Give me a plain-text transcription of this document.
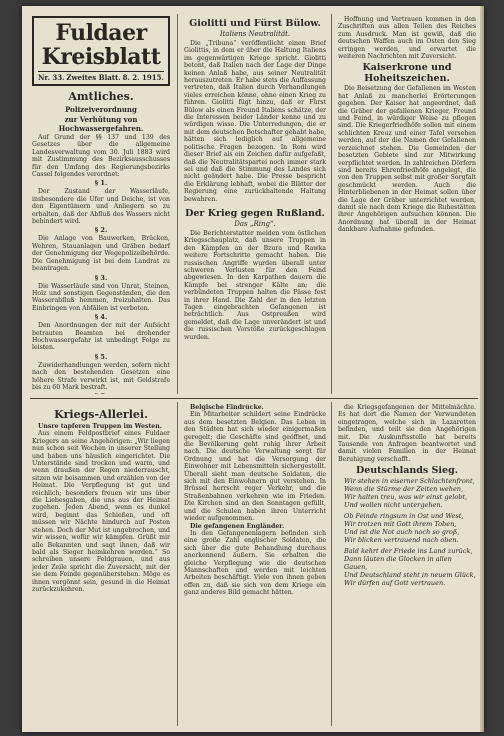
Fuldaer Kreisblatt
Nr. 33. Zweites Blatt. 8. 2. 1915.
Amtliches.
Polizeiverordnung
zur Verhütung von Hochwassergefahren.

Auf Grund der §§ 137 und 139 des Gesetzes über die allgemeine Landesverwaltung vom 30. Juli 1883 wird mit Zustimmung des Bezirksausschusses für den Umfang des Regierungsbezirks Cassel folgendes verordnet:

§ 1.

Der Zustand der Wasserläufe, insbesondere die Ufer und Deiche, ist von den Eigentümern und Anliegern so zu erhalten, daß der Abfluß des Wassers nicht behindert wird.

§ 2.

Die Anlage von Bauwerken, Brücken, Wehren, Stauanlagen und Gräben bedarf der Genehmigung der Wegepolizeibehörde. Die Genehmigung ist bei dem Landrat zu beantragen.

§ 3.

Die Wasserläufe sind von Unrat, Steinen, Holz und sonstigen Gegenständen, die den Wasserabfluß hemmen, freizuhalten. Das Einbringen von Abfällen ist verboten.

§ 4.

Den Anordnungen der mit der Aufsicht betrauten Beamten bei drohender Hochwassergefahr ist unbedingt Folge zu leisten.

§ 5.

Zuwiderhandlungen werden, sofern nicht nach den bestehenden Gesetzen eine höhere Strafe verwirkt ist, mit Geldstrafe bis zu 60 Mark bestraft.

Giolitti und Fürst Bülow.
Italiens Neutralität.

Die „Tribuna“ veröffentlicht einen Brief Giolittis, in dem er über die Haltung Italiens im gegenwärtigen Kriege spricht. Giolitti betont, daß Italien nach der Lage der Dinge keinen Anlaß habe, aus seiner Neutralität herauszutreten. Er habe stets die Auffassung vertreten, daß Italien durch Verhandlungen vieles erreichen könne, ohne einen Krieg zu führen. Giolitti fügt hinzu, daß er Fürst Bülow als einen Freund Italiens schätze, der die Interessen beider Länder kenne und zu würdigen wisse. Die Unterredungen, die er mit dem deutschen Botschafter gehabt habe, hätten sich lediglich auf allgemeine politische Fragen bezogen. In Rom wird dieser Brief als ein Zeichen dafür aufgefaßt, daß die Neutralitätspartei noch immer stark sei und daß die Stimmung des Landes sich nicht geändert habe. Die Presse bespricht die Erklärung lebhaft, wobei die Blätter der Regierung eine zurückhaltende Haltung bewahren.

Der Krieg gegen Rußland.
Das „Ring“.

Die Berichterstatter melden vom östlichen Kriegsschauplatz, daß unsere Truppen in den Kämpfen an der Bzura und Rawka weitere Fortschritte gemacht haben. Die russischen Angriffe wurden überall unter schweren Verlusten für den Feind abgewiesen. In den Karpathen dauern die Kämpfe bei strenger Kälte an; die verbündeten Truppen halten die Pässe fest in ihrer Hand. Die Zahl der in den letzten Tagen eingebrachten Gefangenen ist beträchtlich. Aus Ostpreußen wird gemeldet, daß die Lage unverändert ist und die russischen Vorstöße zurückgeschlagen wurden.

Hoffnung und Vertrauen kommen in den Zuschriften aus allen Teilen des Reiches zum Ausdruck. Man ist gewiß, daß die deutschen Waffen auch im Osten den Sieg erringen werden, und erwartet die weiteren Nachrichten mit Zuversicht.

Kaiserkrone und Hoheitszeichen.

Die Beisetzung der Gefallenen im Westen hat Anlaß zu mancherlei Erörterungen gegeben. Der Kaiser hat angeordnet, daß die Gräber der gefallenen Krieger, Freund und Feind, in würdiger Weise zu pflegen sind. Die Kriegerfriedhöfe sollen mit einem schlichten Kreuz und einer Tafel versehen werden, auf der die Namen der Gefallenen verzeichnet stehen. Die Gemeinden der besetzten Gebiete sind zur Mitwirkung verpflichtet worden. In zahlreichen Dörfern sind bereits Ehrenfriedhöfe angelegt, die von den Truppen selbst mit großer Sorgfalt geschmückt werden. Auch die Hinterbliebenen in der Heimat sollen über die Lage der Gräber unterrichtet werden, damit sie nach dem Kriege die Ruhestätten ihrer Angehörigen aufsuchen können. Die Anordnung hat überall in der Heimat dankbare Aufnahme gefunden.

Kriegs-Allerlei.

Unsre tapferen Truppen im Westen.

Aus einem Feldpostbrief eines Fuldaer Kriegers an seine Angehörigen: „Wir liegen nun schon seit Wochen in unserer Stellung und haben uns häuslich eingerichtet. Die Unterstände sind trocken und warm, und wenn draußen der Regen niederrauscht, sitzen wir beisammen und erzählen von der Heimat. Die Verpflegung ist gut und reichlich; besonders freuen wir uns über die Liebesgaben, die uns aus der Heimat zugehen. Jeden Abend, wenn es dunkel wird, beginnt das Schießen, und oft müssen wir Nächte hindurch auf Posten stehen. Doch der Mut ist ungebrochen, und wir wissen, wofür wir kämpfen. Grüßt mir alle Bekannten und sagt ihnen, daß wir bald als Sieger heimkehren werden.“ So schreiben unsere Feldgrauen, und aus jeder Zeile spricht die Zuversicht, mit der sie dem Feinde gegenüberstehen. Möge es ihnen vergönnt sein, gesund in die Heimat zurückzukehren.

Belgische Eindrücke.

Ein Mitarbeiter schildert seine Eindrücke aus dem besetzten Belgien. Das Leben in den Städten hat sich wieder einigermaßen geregelt; die Geschäfte sind geöffnet, und die Bevölkerung geht ruhig ihrer Arbeit nach. Die deutsche Verwaltung sorgt für Ordnung und hat die Versorgung der Einwohner mit Lebensmitteln sichergestellt. Überall sieht man deutsche Soldaten, die sich mit den Einwohnern gut verstehen. In Brüssel herrscht reger Verkehr, und die Straßenbahnen verkehren wie im Frieden. Die Kirchen sind an den Sonntagen gefüllt, und die Schulen haben ihren Unterricht wieder aufgenommen.

Die gefangenen Engländer.

In den Gefangenenlagern befinden sich eine große Zahl englischer Soldaten, die sich über die gute Behandlung durchaus anerkennend äußern. Sie erhalten die gleiche Verpflegung wie die deutschen Mannschaften und werden mit leichten Arbeiten beschäftigt. Viele von ihnen geben offen zu, daß sie sich von dem Kriege ein ganz anderes Bild gemacht hätten.

die Kriegsgefangenen der Mittelmächte. Es hat dort die Namen der Verwundeten eingetragen, welche sich in Lazaretten befinden, und teilt sie den Angehörigen mit. Die Auskunftsstelle hat bereits Tausende von Anfragen beantwortet und damit vielen Familien in der Heimat Beruhigung verschafft.

Deutschlands Sieg.

Wir stehen in eiserner Schlachtenfront,

Wenn die Stürme der Zeiten wehen,

Wir halten treu, was wir einst gelobt,

Und wollen nicht untergehen.

Ob Feinde ringsum in Ost und West,

Wir trotzen mit Gott ihrem Toben,

Und ist die Not auch noch so groß,

Wir blicken vertrauend nach oben.

Bald kehrt der Friede ins Land zurück,

Dann läuten die Glocken in allen Gauen,

Und Deutschland steht in neuem Glück,

Wir dürfen auf Gott vertrauen.
